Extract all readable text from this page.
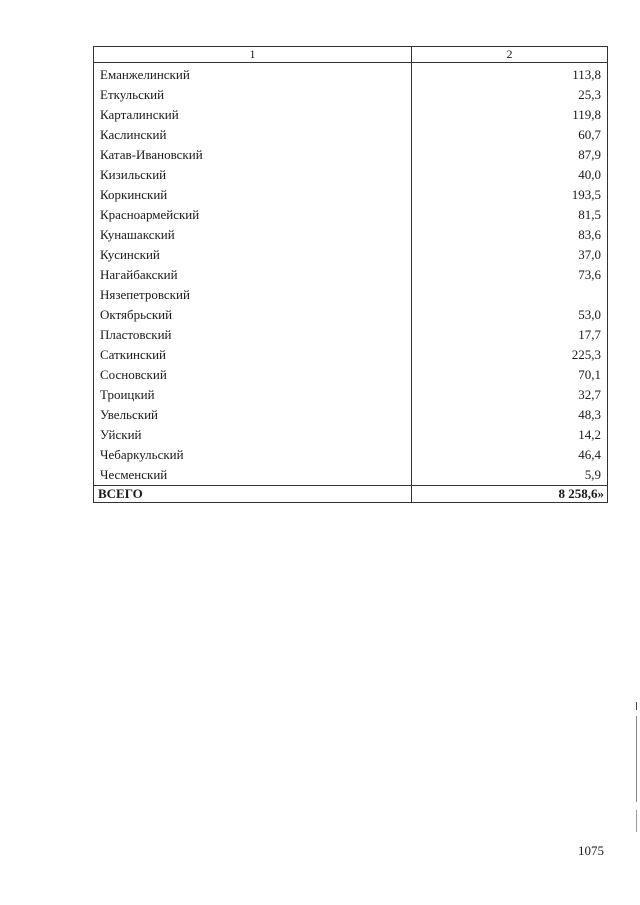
1	2
Еманжелинский	113,8
Еткульский	25,3
Карталинский	119,8
Каслинский	60,7
Катав-Ивановский	87,9
Кизильский	40,0
Коркинский	193,5
Красноармейский	81,5
Кунашакский	83,6
Кусинский	37,0
Нагайбакский	73,6
Нязепетровский	
Октябрьский	53,0
Пластовский	17,7
Саткинский	225,3
Сосновский	70,1
Троицкий	32,7
Увельский	48,3
Уйский	14,2
Чебаркульский	46,4
Чесменский	5,9
ВСЕГО	8 258,6»
1075
